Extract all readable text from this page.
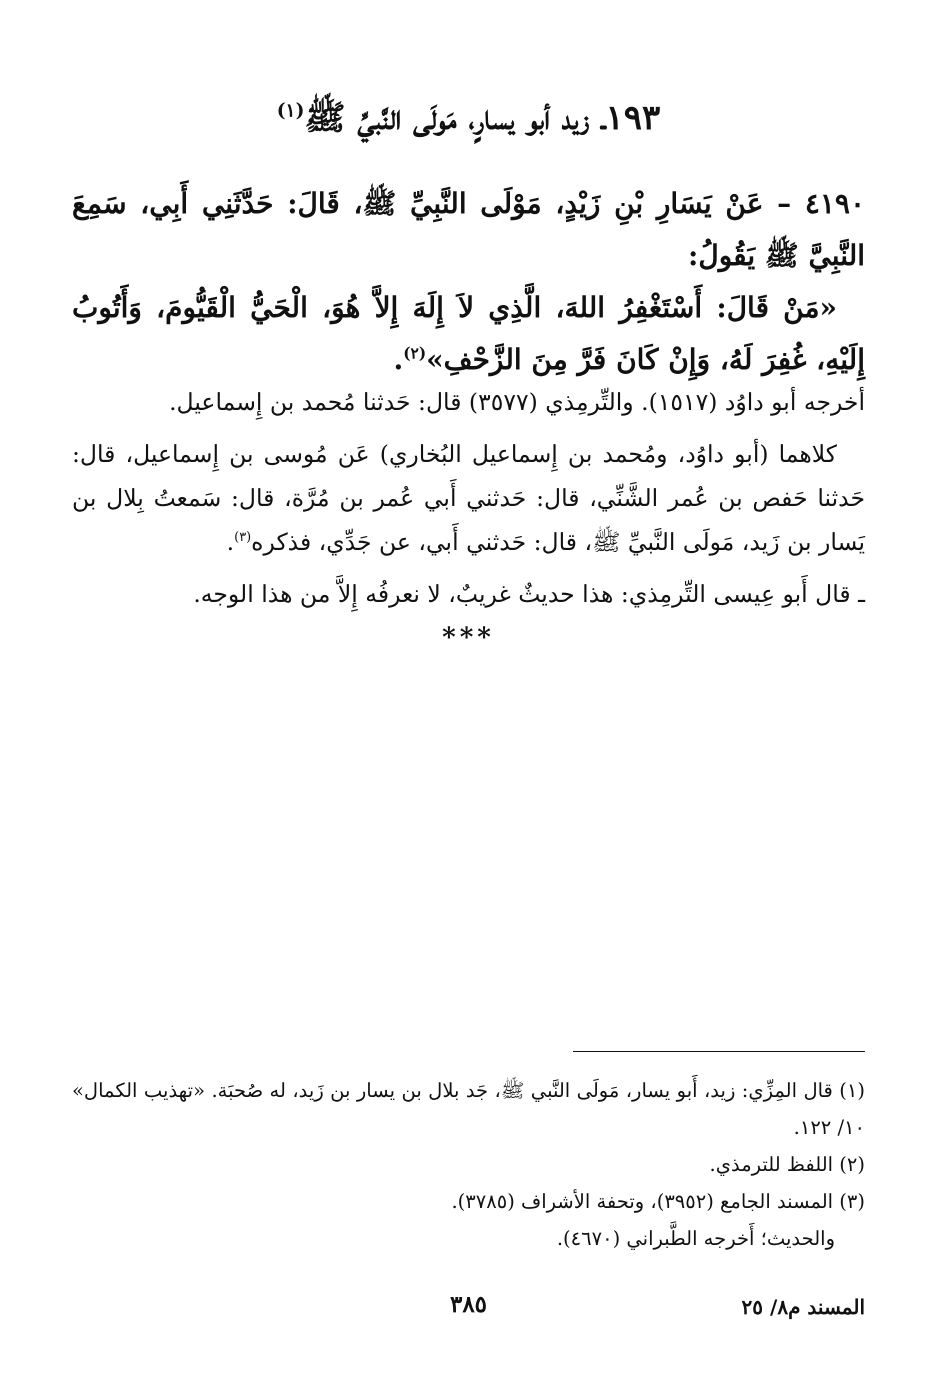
١٩٣ـ زيد أبو يسارٍ، مَولَى النَّبيِّ ﷺ$^{(١)}$
٤١٩٠ – عَنْ يَسَارِ بْنِ زَيْدٍ، مَوْلَى النَّبِيِّ ﷺ، قَالَ: حَدَّثَنِي أَبِي، سَمِعَ النَّبِيَّ ﷺ يَقُولُ:
«مَنْ قَالَ: أَسْتَغْفِرُ اللهَ، الَّذِي لاَ إِلَهَ إِلاَّ هُوَ، الْحَيُّ الْقَيُّومَ، وَأَتُوبُ إِلَيْهِ، غُفِرَ لَهُ، وَإِنْ كَانَ فَرَّ مِنَ الزَّحْفِ»$^{(٢)}$.
أخرجه أبو داوُد (١٥١٧). والتِّرمِذي (٣٥٧٧) قال: حَدثنا مُحمد بن إِسماعيل.
كلاهما (أبو داوُد، ومُحمد بن إِسماعيل البُخاري) عَن مُوسى بن إِسماعيل، قال: حَدثنا حَفص بن عُمر الشَّنِّي، قال: حَدثني أَبي عُمر بن مُرَّة، قال: سَمعتُ بِلال بن يَسار بن زَيد، مَولَى النَّبيِّ ﷺ، قال: حَدثني أَبي، عن جَدِّي، فذكره$^{(٣)}$.
ـ قال أَبو عِيسى التِّرمِذي: هذا حديثٌ غريبٌ، لا نعرفُه إِلاَّ من هذا الوجه.
***
(١) قال المِزِّي: زيد، أَبو يسار، مَولَى النَّبي ﷺ، جَد بلال بن يسار بن زَيد، له صُحبَة. «تهذيب الكمال» ١٠/ ١٢٢.
(٢) اللفظ للترمذي.
(٣) المسند الجامع (٣٩٥٢)، وتحفة الأشراف (٣٧٨٥).
والحديث؛ أَخرجه الطَّبراني (٤٦٧٠).
٣٨٥	المسند م٨/ ٢٥
